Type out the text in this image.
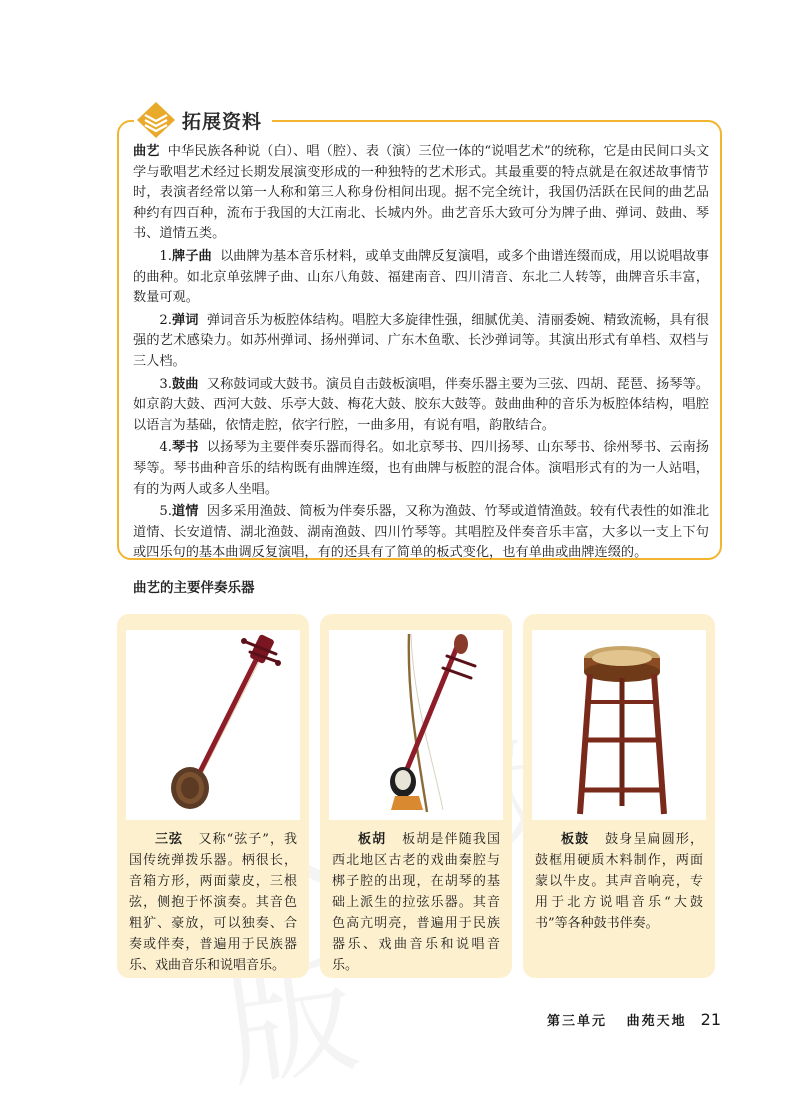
拓展资料

曲艺 中华民族各种说（白）、唱（腔）、表（演）三位一体的“说唱艺术”的统称，它是由民间口头文学与歌唱艺术经过长期发展演变形成的一种独特的艺术形式。其最重要的特点就是在叙述故事情节时，表演者经常以第一人称和第三人称身份相间出现。据不完全统计，我国仍活跃在民间的曲艺品种约有四百种，流布于我国的大江南北、长城内外。曲艺音乐大致可分为牌子曲、弹词、鼓曲、琴书、道情五类。

1.牌子曲 以曲牌为基本音乐材料，或单支曲牌反复演唱，或多个曲谱连缀而成，用以说唱故事的曲种。如北京单弦牌子曲、山东八角鼓、福建南音、四川清音、东北二人转等，曲牌音乐丰富，数量可观。

2.弹词 弹词音乐为板腔体结构。唱腔大多旋律性强，细腻优美、清丽委婉、精致流畅，具有很强的艺术感染力。如苏州弹词、扬州弹词、广东木鱼歌、长沙弹词等。其演出形式有单档、双档与三人档。

3.鼓曲 又称鼓词或大鼓书。演员自击鼓板演唱，伴奏乐器主要为三弦、四胡、琵琶、扬琴等。如京韵大鼓、西河大鼓、乐亭大鼓、梅花大鼓、胶东大鼓等。鼓曲曲种的音乐为板腔体结构，唱腔以语言为基础，依情走腔，依字行腔，一曲多用，有说有唱，韵散结合。

4.琴书 以扬琴为主要伴奏乐器而得名。如北京琴书、四川扬琴、山东琴书、徐州琴书、云南扬琴等。琴书曲种音乐的结构既有曲牌连缀，也有曲牌与板腔的混合体。演唱形式有的为一人站唱，有的为两人或多人坐唱。

5.道情 因多采用渔鼓、简板为伴奏乐器，又称为渔鼓、竹琴或道情渔鼓。较有代表性的如淮北道情、长安道情、湖北渔鼓、湖南渔鼓、四川竹琴等。其唱腔及伴奏音乐丰富，大多以一支上下句或四乐句的基本曲调反复演唱，有的还具有了简单的板式变化，也有单曲或曲牌连缀的。

曲艺的主要伴奏乐器
三弦 又称“弦子”，我国传统弹拨乐器。柄很长，音箱方形，两面蒙皮，三根弦，侧抱于怀演奏。其音色粗犷、豪放，可以独奏、合奏或伴奏，普遍用于民族器乐、戏曲音乐和说唱音乐。
板胡 板胡是伴随我国西北地区古老的戏曲秦腔与梆子腔的出现，在胡琴的基础上派生的拉弦乐器。其音色高亢明亮，普遍用于民族器乐、戏曲音乐和说唱音乐。
板鼓 鼓身呈扁圆形，鼓框用硬质木料制作，两面蒙以牛皮。其声音响亮，专用于北方说唱音乐“大鼓书”等各种鼓书伴奏。
第三单元 曲苑天地 21
